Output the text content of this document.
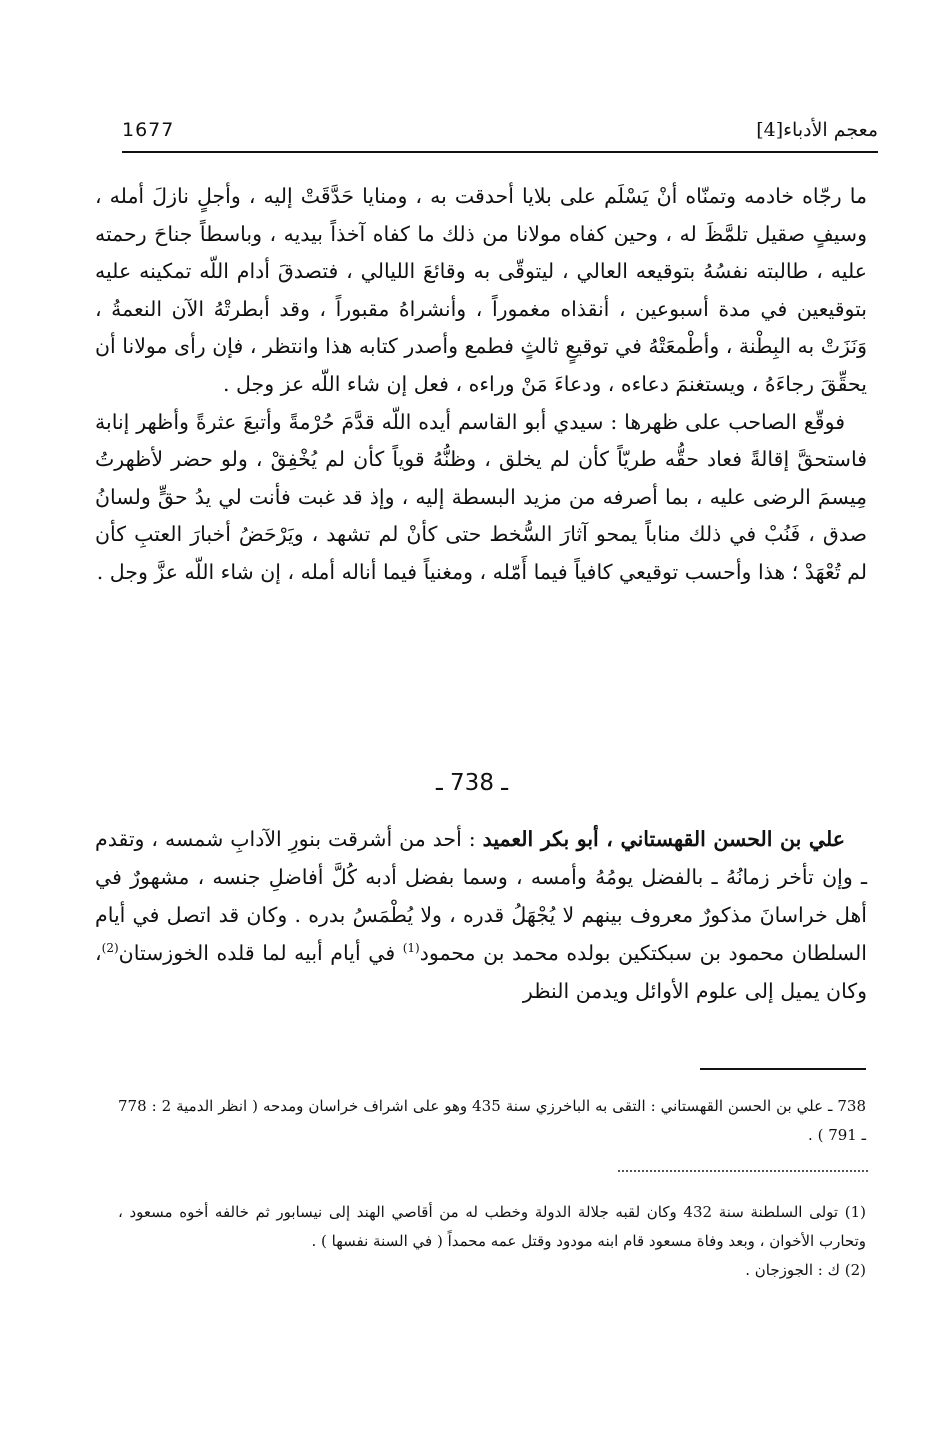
1677	معجم الأدباء[4]

ما رجّاه خادمه وتمنّاه أنْ يَسْلَم على بلايا أحدقت به ، ومنايا حَدَّقَتْ إليه ، وأجلٍ نازلَ أمله ، وسيفٍ صقيل تلمَّظَ له ، وحين كفاه مولانا من ذلك ما كفاه آخذاً بيديه ، وباسطاً جناحَ رحمته عليه ، طالبته نفسُهُ بتوقيعه العالي ، ليتوقّى به وقائعَ الليالي ، فتصدقَ أدام اللّه تمكينه عليه بتوقيعين في مدة أسبوعين ، أنقذاه مغموراً ، وأنشراهُ مقبوراً ، وقد أبطرتْهُ الآن النعمةُ ، وَنَزَتْ به البِطْنة ، وأطْمعَتْهُ في توقيعٍ ثالثٍ فطمع وأصدر كتابه هذا وانتظر ، فإن رأى مولانا أن يحقِّقَ رجاءَهُ ، ويستغنمَ دعاءه ، ودعاءَ مَنْ وراءه ، فعل إن شاء اللّه عز وجل .

فوقّع الصاحب على ظهرها : سيدي أبو القاسم أيده اللّه قدَّمَ حُرْمةً وأتبعَ عثرةً وأظهر إنابة فاستحقَّ إقالةً فعاد حقُّه طريّاً كأن لم يخلق ، وظنُّهُ قوياً كأن لم يُخْفِقْ ، ولو حضر لأظهرتُ مِيسمَ الرضى عليه ، بما أصرفه من مزيد البسطة إليه ، وإذ قد غبت فأنت لي يدُ حقٍّ ولسانُ صدق ، فَنُبْ في ذلك مناباً يمحو آثارَ السُّخط حتى كأنْ لم تشهد ، ويَرْحَضُ أخبارَ العتبِ كأن لم تُعْهَدْ ؛ هذا وأحسب توقيعي كافياً فيما أَمّله ، ومغنياً فيما أناله أمله ، إن شاء اللّه عزَّ وجل .

ـ 738 ـ

علي بن الحسن القهستاني ، أبو بكر العميد : أحد من أشرقت بنورِ الآدابِ شمسه ، وتقدم ـ وإن تأخر زمانُهُ ـ بالفضل يومُهُ وأمسه ، وسما بفضل أدبه كُلَّ أفاضلِ جنسه ، مشهورٌ في أهل خراسانَ مذكورٌ معروف بينهم لا يُجْهَلُ قدره ، ولا يُطْمَسُ بدره . وكان قد اتصل في أيام السلطان محمود بن سبكتكين بولده محمد بن محمود$^{(1)}$ في أيام أبيه لما قلده الخوزستان$^{(2)}$، وكان يميل إلى علوم الأوائل ويدمن النظر

738 ـ علي بن الحسن القهستاني : التقى به الباخرزي سنة 435 وهو على اشراف خراسان ومدحه ( انظر الدمية 2 : 778 ـ 791 ) .

(1) تولى السلطنة سنة 432 وكان لقبه جلالة الدولة وخطب له من أقاصي الهند إلى نيسابور ثم خالفه أخوه مسعود ، وتحارب الأخوان ، وبعد وفاة مسعود قام ابنه مودود وقتل عمه محمداً ( في السنة نفسها ) .

(2) ك : الجوزجان .
